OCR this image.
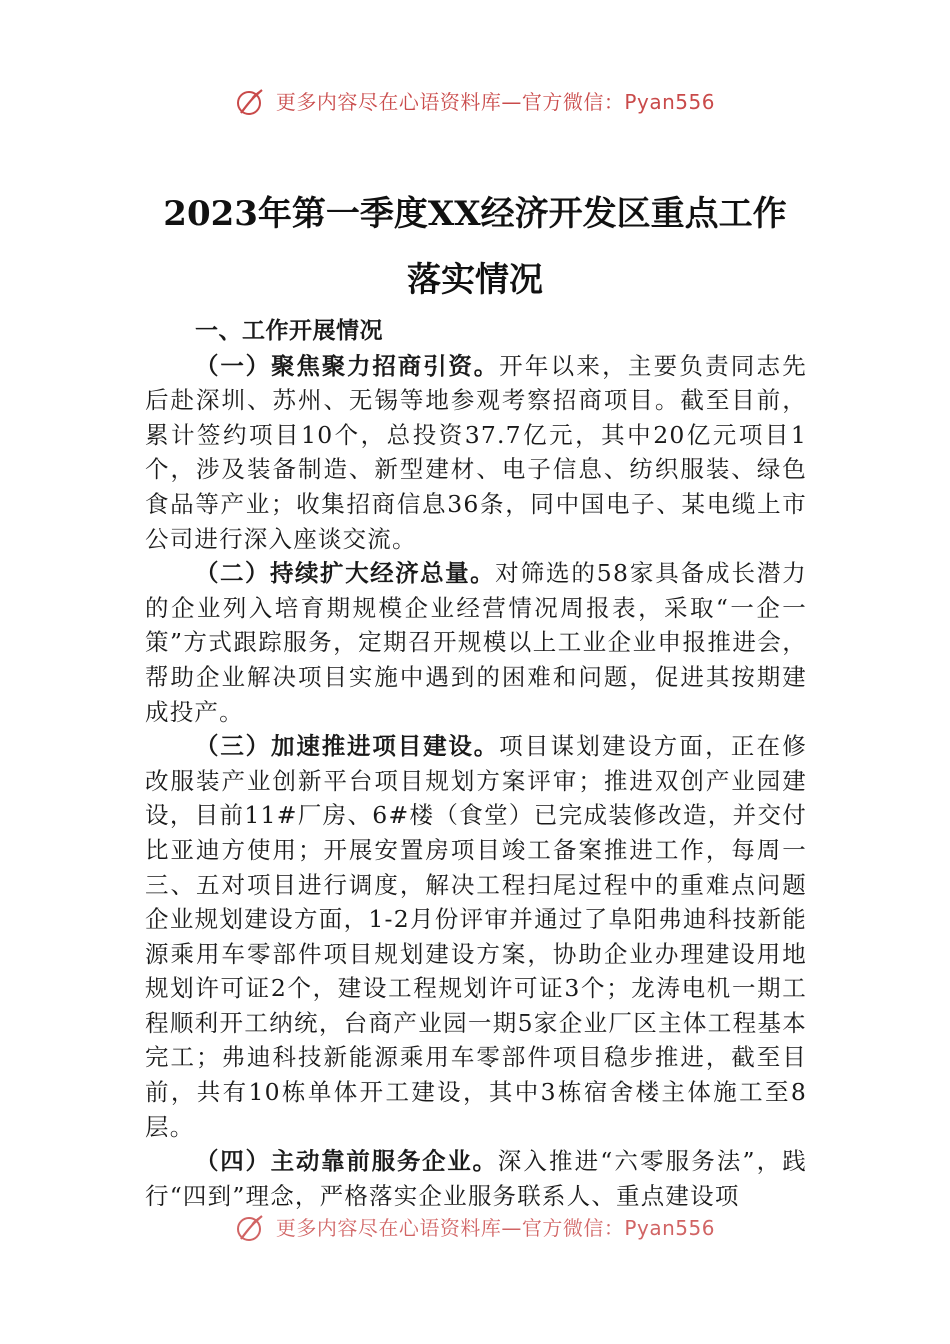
更多内容尽在心语资料库—官方微信：Pyan556
2023年第一季度XX经济开发区重点工作
落实情况
一、工作开展情况

（一）聚焦聚力招商引资。开年以来，主要负责同志先后赴深圳、苏州、无锡等地参观考察招商项目。截至目前，累计签约项目10个，总投资37.7亿元，其中20亿元项目1个，涉及装备制造、新型建材、电子信息、纺织服装、绿色食品等产业；收集招商信息36条，同中国电子、某电缆上市公司进行深入座谈交流。

（二）持续扩大经济总量。对筛选的58家具备成长潜力的企业列入培育期规模企业经营情况周报表，采取“一企一策”方式跟踪服务，定期召开规模以上工业企业申报推进会，帮助企业解决项目实施中遇到的困难和问题，促进其按期建成投产。

（三）加速推进项目建设。项目谋划建设方面，正在修改服装产业创新平台项目规划方案评审；推进双创产业园建设，目前11#厂房、6#楼（食堂）已完成装修改造，并交付比亚迪方使用；开展安置房项目竣工备案推进工作，每周一三、五对项目进行调度，解决工程扫尾过程中的重难点问题企业规划建设方面，1-2月份评审并通过了阜阳弗迪科技新能源乘用车零部件项目规划建设方案，协助企业办理建设用地规划许可证2个，建设工程规划许可证3个；龙涛电机一期工程顺利开工纳统，台商产业园一期5家企业厂区主体工程基本完工；弗迪科技新能源乘用车零部件项目稳步推进，截至目前，共有10栋单体开工建设，其中3栋宿舍楼主体施工至8层。

（四）主动靠前服务企业。深入推进“六零服务法”，践行“四到”理念，严格落实企业服务联系人、重点建设项

更多内容尽在心语资料库—官方微信：Pyan556
